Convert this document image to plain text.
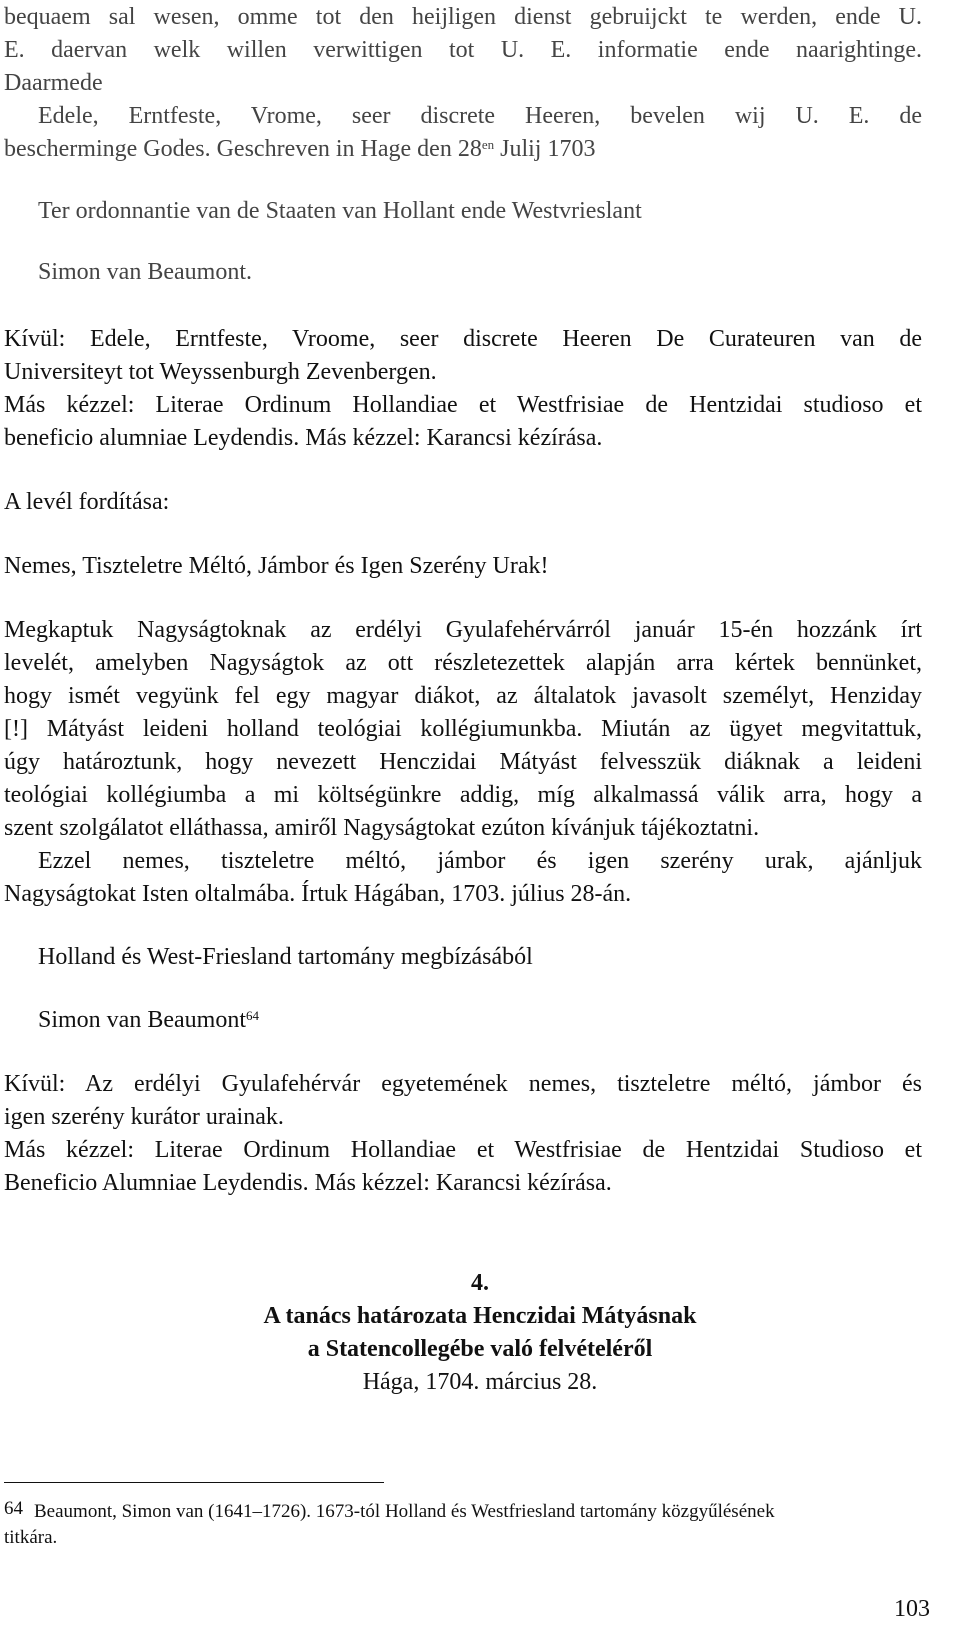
bequaem sal wesen, omme tot den heijligen dienst gebruijckt te werden, ende U.
E. daervan welk willen verwittigen tot U. E. informatie ende naarightinge.
Daarmede
Edele, Erntfeste, Vrome, seer discrete Heeren, bevelen wij U. E. de
bescherminge Godes. Geschreven in Hage den $28^{en}$ Julij 1703
Ter ordonnantie van de Staaten van Hollant ende Westvrieslant
Simon van Beaumont.
Kívül: Edele, Erntfeste, Vroome, seer discrete Heeren De Curateuren van de
Universiteyt tot Weyssenburgh Zevenbergen.
Más kézzel: Literae Ordinum Hollandiae et Westfrisiae de Hentzidai studioso et
beneficio alumniae Leydendis. Más kézzel: Karancsi kézírása.
A levél fordítása:
Nemes, Tiszteletre Méltó, Jámbor és Igen Szerény Urak!
Megkaptuk Nagyságtoknak az erdélyi Gyulafehérvárról január 15-én hozzánk írt
levelét, amelyben Nagyságtok az ott részletezettek alapján arra kértek bennünket,
hogy ismét vegyünk fel egy magyar diákot, az általatok javasolt személyt, Henziday
[!] Mátyást leideni holland teológiai kollégiumunkba. Miután az ügyet megvitattuk,
úgy határoztunk, hogy nevezett Henczidai Mátyást felvesszük diáknak a leideni
teológiai kollégiumba a mi költségünkre addig, míg alkalmassá válik arra, hogy a
szent szolgálatot elláthassa, amiről Nagyságtokat ezúton kívánjuk tájékoztatni.
Ezzel nemes, tiszteletre méltó, jámbor és igen szerény urak, ajánljuk
Nagyságtokat Isten oltalmába. Írtuk Hágában, 1703. július 28-án.
Holland és West-Friesland tartomány megbízásából
Simon van Beaumont$^{64}$
Kívül: Az erdélyi Gyulafehérvár egyetemének nemes, tiszteletre méltó, jámbor és
igen szerény kurátor urainak.
Más kézzel: Literae Ordinum Hollandiae et Westfrisiae de Hentzidai Studioso et
Beneficio Alumniae Leydendis. Más kézzel: Karancsi kézírása.
4.
A tanács határozata Henczidai Mátyásnak
a Statencollegébe való felvételéről
Hága, 1704. március 28.
64 Beaumont, Simon van (1641–1726). 1673-tól Holland és Westfriesland tartomány közgyűlésének
titkára.
103
